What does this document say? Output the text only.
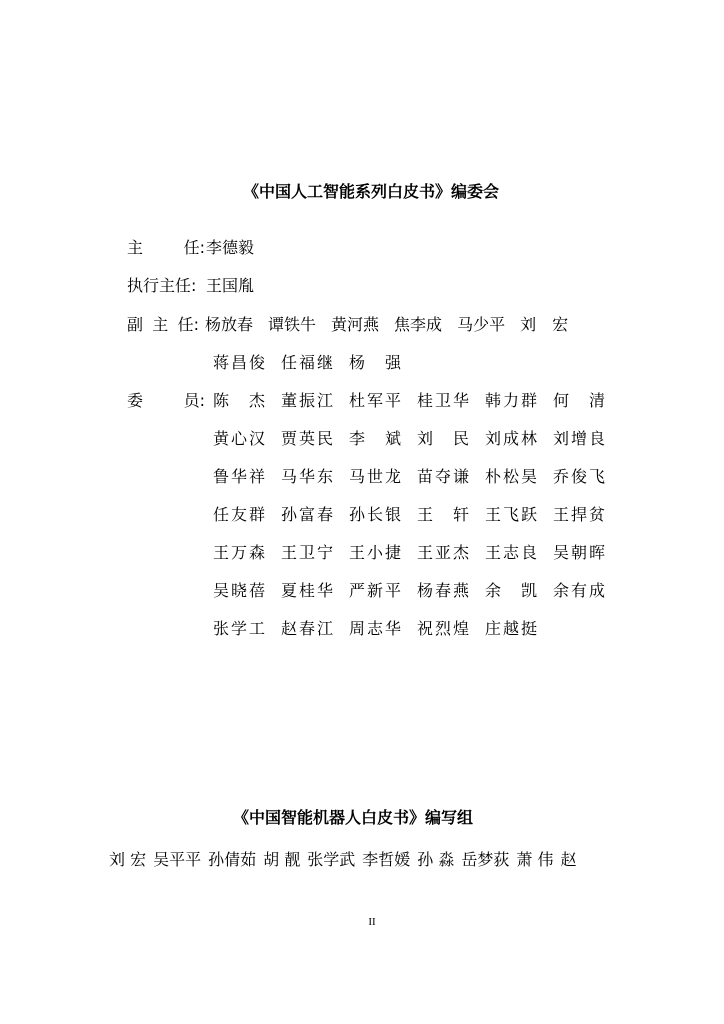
《中国人工智能系列白皮书》编委会
主	任: 李德毅
执行主任: 王国胤
副 主 任: 杨放春 谭铁牛 黄河燕 焦李成 马少平 刘　宏
蒋昌俊 任福继 杨　强
委	员: 陈　杰 董振江 杜军平 桂卫华 韩力群 何　清
黄心汉 贾英民 李　斌 刘　民 刘成林 刘增良
鲁华祥 马华东 马世龙 苗夺谦 朴松昊 乔俊飞
任友群 孙富春 孙长银 王　轩 王飞跃 王捍贫
王万森 王卫宁 王小捷 王亚杰 王志良 吴朝晖
吴晓蓓 夏桂华 严新平 杨春燕 余　凯 余有成
张学工 赵春江 周志华 祝烈煌 庄越挺
《中国智能机器人白皮书》编写组
刘 宏 吴平平 孙倩茹 胡 靓 张学武 李哲媛 孙 淼 岳梦荻 萧 伟 赵
II
